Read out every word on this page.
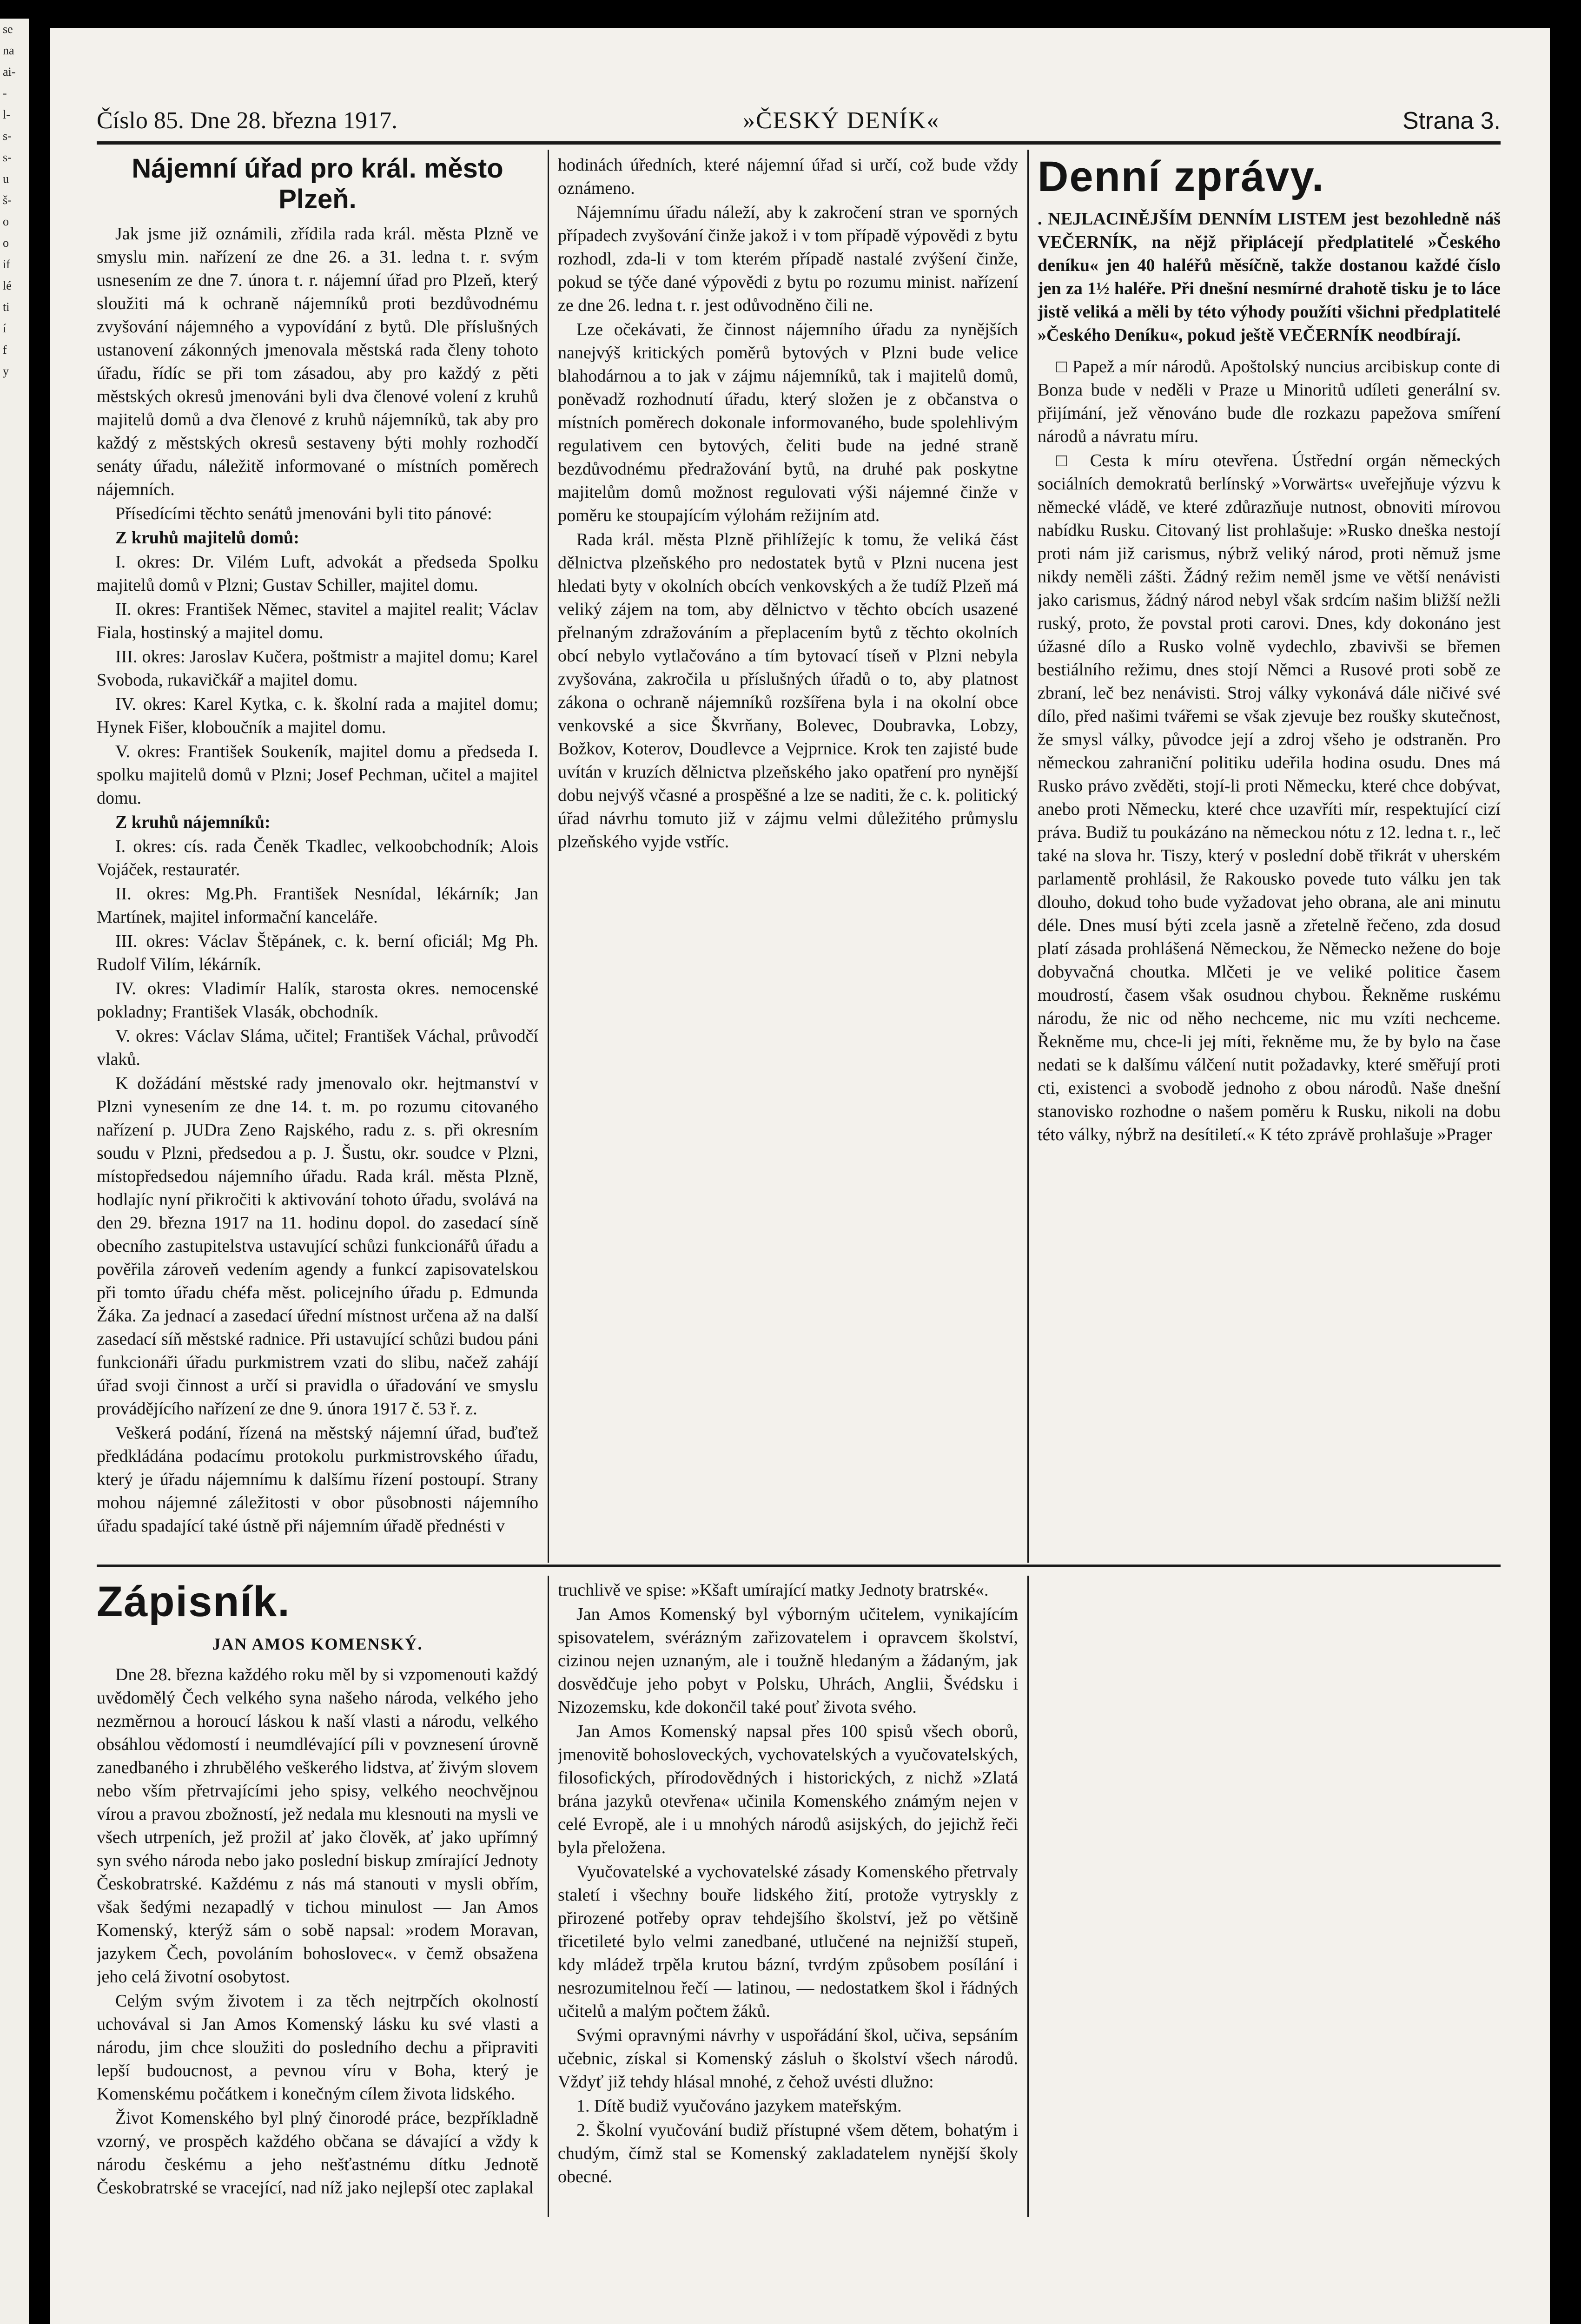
se
na
ai-
-
l-
s-
s-
u
š-
o
o
if
lé
ti
í
f
y
Číslo 85. Dne 28. března 1917.	»ČESKÝ DENÍK«	Strana 3.
Nájemní úřad pro král. město Plzeň.

Jak jsme již oznámili, zřídila rada král. města Plzně ve smyslu min. nařízení ze dne 26. a 31. ledna t. r. svým usnesením ze dne 7. února t. r. nájemní úřad pro Plzeň, který sloužiti má k ochraně nájemníků proti bezdůvodnému zvyšování nájemného a vypovídání z bytů. Dle příslušných ustanovení zákonných jmenovala městská rada členy tohoto úřadu, řídíc se při tom zásadou, aby pro každý z pěti městských okresů jmenováni byli dva členové volení z kruhů majitelů domů a dva členové z kruhů nájemníků, tak aby pro každý z městských okresů sestaveny býti mohly rozhodčí senáty úřadu, náležitě informované o místních poměrech nájemních.

Přísedícími těchto senátů jmenováni byli tito pánové:

Z kruhů majitelů domů:

I. okres: Dr. Vilém Luft, advokát a předseda Spolku majitelů domů v Plzni; Gustav Schiller, majitel domu.

II. okres: František Němec, stavitel a majitel realit; Václav Fiala, hostinský a majitel domu.

III. okres: Jaroslav Kučera, poštmistr a majitel domu; Karel Svoboda, rukavičkář a majitel domu.

IV. okres: Karel Kytka, c. k. školní rada a majitel domu; Hynek Fišer, kloboučník a majitel domu.

V. okres: František Soukeník, majitel domu a předseda I. spolku majitelů domů v Plzni; Josef Pechman, učitel a majitel domu.

Z kruhů nájemníků:

I. okres: cís. rada Čeněk Tkadlec, velkoobchodník; Alois Vojáček, restauratér.

II. okres: Mg.Ph. František Nesnídal, lékárník; Jan Martínek, majitel informační kanceláře.

III. okres: Václav Štěpánek, c. k. berní oficiál; Mg Ph. Rudolf Vilím, lékárník.

IV. okres: Vladimír Halík, starosta okres. nemocenské pokladny; František Vlasák, obchodník.

V. okres: Václav Sláma, učitel; František Váchal, průvodčí vlaků.

K dožádání městské rady jmenovalo okr. hejtmanství v Plzni vynesením ze dne 14. t. m. po rozumu citovaného nařízení p. JUDra Zeno Rajského, radu z. s. při okresním soudu v Plzni, předsedou a p. J. Šustu, okr. soudce v Plzni, místopředsedou nájemního úřadu. Rada král. města Plzně, hodlajíc nyní přikročiti k aktivování tohoto úřadu, svolává na den 29. března 1917 na 11. hodinu dopol. do zasedací síně obecního zastupitelstva ustavující schůzi funkcionářů úřadu a pověřila zároveň vedením agendy a funkcí zapisovatelskou při tomto úřadu chéfa měst. policejního úřadu p. Edmunda Žáka. Za jednací a zasedací úřední místnost určena až na další zasedací síň městské radnice. Při ustavující schůzi budou páni funkcionáři úřadu purkmistrem vzati do slibu, načež zahájí úřad svoji činnost a určí si pravidla o úřadování ve smyslu provádějícího nařízení ze dne 9. února 1917 č. 53 ř. z.

Veškerá podání, řízená na městský nájemní úřad, buďtež předkládána podacímu protokolu purkmistrovského úřadu, který je úřadu nájemnímu k dalšímu řízení postoupí. Strany mohou nájemné záležitosti v obor působnosti nájemního úřadu spadající také ústně při nájemním úřadě přednésti v

hodinách úředních, které nájemní úřad si určí, což bude vždy oznámeno.

Nájemnímu úřadu náleží, aby k zakročení stran ve sporných případech zvyšování činže jakož i v tom případě výpovědi z bytu rozhodl, zda-li v tom kterém případě nastalé zvýšení činže, pokud se týče dané výpovědi z bytu po rozumu minist. nařízení ze dne 26. ledna t. r. jest odůvodněno čili ne.

Lze očekávati, že činnost nájemního úřadu za nynějších nanejvýš kritických poměrů bytových v Plzni bude velice blahodárnou a to jak v zájmu nájemníků, tak i majitelů domů, poněvadž rozhodnutí úřadu, který složen je z občanstva o místních poměrech dokonale informovaného, bude spolehlivým regulativem cen bytových, čeliti bude na jedné straně bezdůvodnému předražování bytů, na druhé pak poskytne majitelům domů možnost regulovati výši nájemné činže v poměru ke stoupajícím výlohám režijním atd.

Rada král. města Plzně přihlížejíc k tomu, že veliká část dělnictva plzeňského pro nedostatek bytů v Plzni nucena jest hledati byty v okolních obcích venkovských a že tudíž Plzeň má veliký zájem na tom, aby dělnictvo v těchto obcích usazené přelnaným zdražováním a přeplacením bytů z těchto okolních obcí nebylo vytlačováno a tím bytovací tíseň v Plzni nebyla zvyšována, zakročila u příslušných úřadů o to, aby platnost zákona o ochraně nájemníků rozšířena byla i na okolní obce venkovské a sice Škvrňany, Bolevec, Doubravka, Lobzy, Božkov, Koterov, Doudlevce a Vejprnice. Krok ten zajisté bude uvítán v kruzích dělnictva plzeňského jako opatření pro nynější dobu nejvýš včasné a prospěšné a lze se naditi, že c. k. politický úřad návrhu tomuto již v zájmu velmi důležitého průmyslu plzeňského vyjde vstříc.

Denní zprávy.

. NEJLACINĚJŠÍM DENNÍM LISTEM jest bezohledně náš VEČERNÍK, na nějž připlácejí předplatitelé »Českého deníku« jen 40 haléřů měsíčně, takže dostanou každé číslo jen za 1½ haléře. Při dnešní nesmírné drahotě tisku je to láce jistě veliká a měli by této výhody použíti všichni předplatitelé »Českého Deníku«, pokud ještě VEČERNÍK neodbírají.

□ Papež a mír národů. Apoštolský nuncius arcibiskup conte di Bonza bude v neděli v Praze u Minoritů udíleti generální sv. přijímání, jež věnováno bude dle rozkazu papežova smíření národů a návratu míru.

□ Cesta k míru otevřena. Ústřední orgán německých sociálních demokratů berlínský »Vorwärts« uveřejňuje výzvu k německé vládě, ve které zdůrazňuje nutnost, obnoviti mírovou nabídku Rusku. Citovaný list prohlašuje: »Rusko dneška nestojí proti nám již carismus, nýbrž veliký národ, proti němuž jsme nikdy neměli zášti. Žádný režim neměl jsme ve větší nenávisti jako carismus, žádný národ nebyl však srdcím našim bližší nežli ruský, proto, že povstal proti carovi. Dnes, kdy dokonáno jest úžasné dílo a Rusko volně vydechlo, zbavivši se břemen bestiálního režimu, dnes stojí Němci a Rusové proti sobě ze zbraní, leč bez nenávisti. Stroj války vykonává dále ničivé své dílo, před našimi tvářemi se však zjevuje bez roušky skutečnost, že smysl války, původce její a zdroj všeho je odstraněn. Pro německou zahraniční politiku udeřila hodina osudu. Dnes má Rusko právo zvěděti, stojí-li proti Německu, které chce dobývat, anebo proti Německu, které chce uzavříti mír, respektující cizí práva. Budiž tu poukázáno na německou nótu z 12. ledna t. r., leč také na slova hr. Tiszy, který v poslední době třikrát v uherském parlamentě prohlásil, že Rakousko povede tuto válku jen tak dlouho, dokud toho bude vyžadovat jeho obrana, ale ani minutu déle. Dnes musí býti zcela jasně a zřetelně řečeno, zda dosud platí zásada prohlášená Německou, že Německo nežene do boje dobyvačná choutka. Mlčeti je ve veliké politice časem moudrostí, časem však osudnou chybou. Řekněme ruskému národu, že nic od něho nechceme, nic mu vzíti nechceme. Řekněme mu, chce-li jej míti, řekněme mu, že by bylo na čase nedati se k dalšímu válčení nutit požadavky, které směřují proti cti, existenci a svobodě jednoho z obou národů. Naše dnešní stanovisko rozhodne o našem poměru k Rusku, nikoli na dobu této války, nýbrž na desítiletí.« K této zprávě prohlašuje »Prager

Zápisník.
JAN AMOS KOMENSKÝ.

Dne 28. března každého roku měl by si vzpomenouti každý uvědomělý Čech velkého syna našeho národa, velkého jeho nezměrnou a horoucí láskou k naší vlasti a národu, velkého obsáhlou vědomostí i neumdlévající píli v povznesení úrovně zanedbaného i zhrubělého veškerého lidstva, ať živým slovem nebo vším přetrvajícími jeho spisy, velkého neochvějnou vírou a pravou zbožností, jež nedala mu klesnouti na mysli ve všech utrpeních, jež prožil ať jako člověk, ať jako upřímný syn svého národa nebo jako poslední biskup zmírající Jednoty Českobratrské. Každému z nás má stanouti v mysli obřím, však šedými nezapadlý v tichou minulost — Jan Amos Komenský, kterýž sám o sobě napsal: »rodem Moravan, jazykem Čech, povoláním bohoslovec«. v čemž obsažena jeho celá životní osobytost.

Celým svým životem i za těch nejtrpčích okolností uchovával si Jan Amos Komenský lásku ku své vlasti a národu, jim chce sloužiti do posledního dechu a připraviti lepší budoucnost, a pevnou víru v Boha, který je Komenskému počátkem i konečným cílem života lidského.

Život Komenského byl plný činorodé práce, bezpříkladně vzorný, ve prospěch každého občana se dávající a vždy k národu českému a jeho nešťastnému dítku Jednotě Českobratrské se vracející, nad níž jako nejlepší otec zaplakal

truchlivě ve spise: »Kšaft umírající matky Jednoty bratrské«.

Jan Amos Komenský byl výborným učitelem, vynikajícím spisovatelem, svérázným zařizovatelem i opravcem školství, cizinou nejen uznaným, ale i toužně hledaným a žádaným, jak dosvědčuje jeho pobyt v Polsku, Uhrách, Anglii, Švédsku i Nizozemsku, kde dokončil také pouť života svého.

Jan Amos Komenský napsal přes 100 spisů všech oborů, jmenovitě bohosloveckých, vychovatelských a vyučovatelských, filosofických, přírodovědných i historických, z nichž »Zlatá brána jazyků otevřena« učinila Komenského známým nejen v celé Evropě, ale i u mnohých národů asijských, do jejichž řeči byla přeložena.

Vyučovatelské a vychovatelské zásady Komenského přetrvaly staletí i všechny bouře lidského žití, protože vytryskly z přirozené potřeby oprav tehdejšího školství, jež po většině třicetileté bylo velmi zanedbané, utlučené na nejnižší stupeň, kdy mládež trpěla krutou bázní, tvrdým způsobem posílání i nesrozumitelnou řečí — latinou, — nedostatkem škol i řádných učitelů a malým počtem žáků.

Svými opravnými návrhy v uspořádání škol, učiva, sepsáním učebnic, získal si Komenský zásluh o školství všech národů. Vždyť již tehdy hlásal mnohé, z čehož uvésti dlužno:

1. Dítě budiž vyučováno jazykem mateřským.

2. Školní vyučování budiž přístupné všem dětem, bohatým i chudým, čímž stal se Komenský zakladatelem nynější školy obecné.
